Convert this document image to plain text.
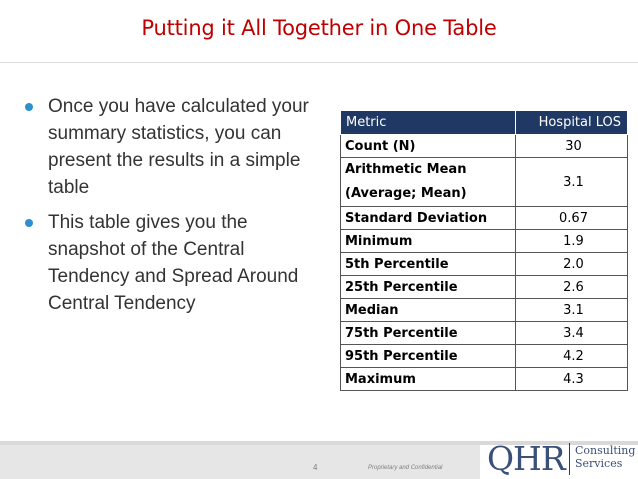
Putting it All Together in One Table

Once you have calculated your summary statistics, you can present the results in a simple table

This table gives you the snapshot of the Central Tendency and Spread Around Central Tendency

Metric	Hospital LOS
Count (N)	30

Arithmetic Mean
(Average; Mean)	3.1
Standard Deviation	0.67
Minimum	1.9
5th Percentile	2.0
25th Percentile	2.6
Median	3.1
75th Percentile	3.4
95th Percentile	4.2
Maximum	4.3
4	Proprietary and Confidential QHR Consulting
Services
